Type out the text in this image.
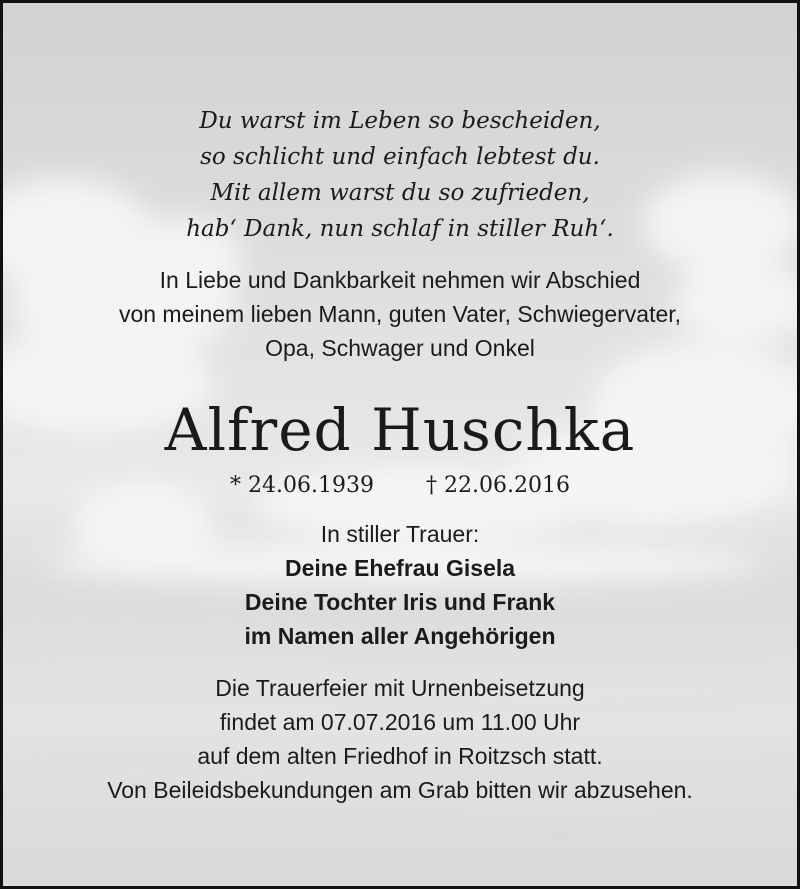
Du warst im Leben so bescheiden,
so schlicht und einfach lebtest du.
Mit allem warst du so zufrieden,
hab‘ Dank, nun schlaf in stiller Ruh‘.
In Liebe und Dankbarkeit nehmen wir Abschied
von meinem lieben Mann, guten Vater, Schwiegervater,
Opa, Schwager und Onkel
Alfred Huschka
* 24.06.1939 † 22.06.2016
In stiller Trauer:
Deine Ehefrau Gisela
Deine Tochter Iris und Frank
im Namen aller Angehörigen
Die Trauerfeier mit Urnenbeisetzung
findet am 07.07.2016 um 11.00 Uhr
auf dem alten Friedhof in Roitzsch statt.
Von Beileidsbekundungen am Grab bitten wir abzusehen.
